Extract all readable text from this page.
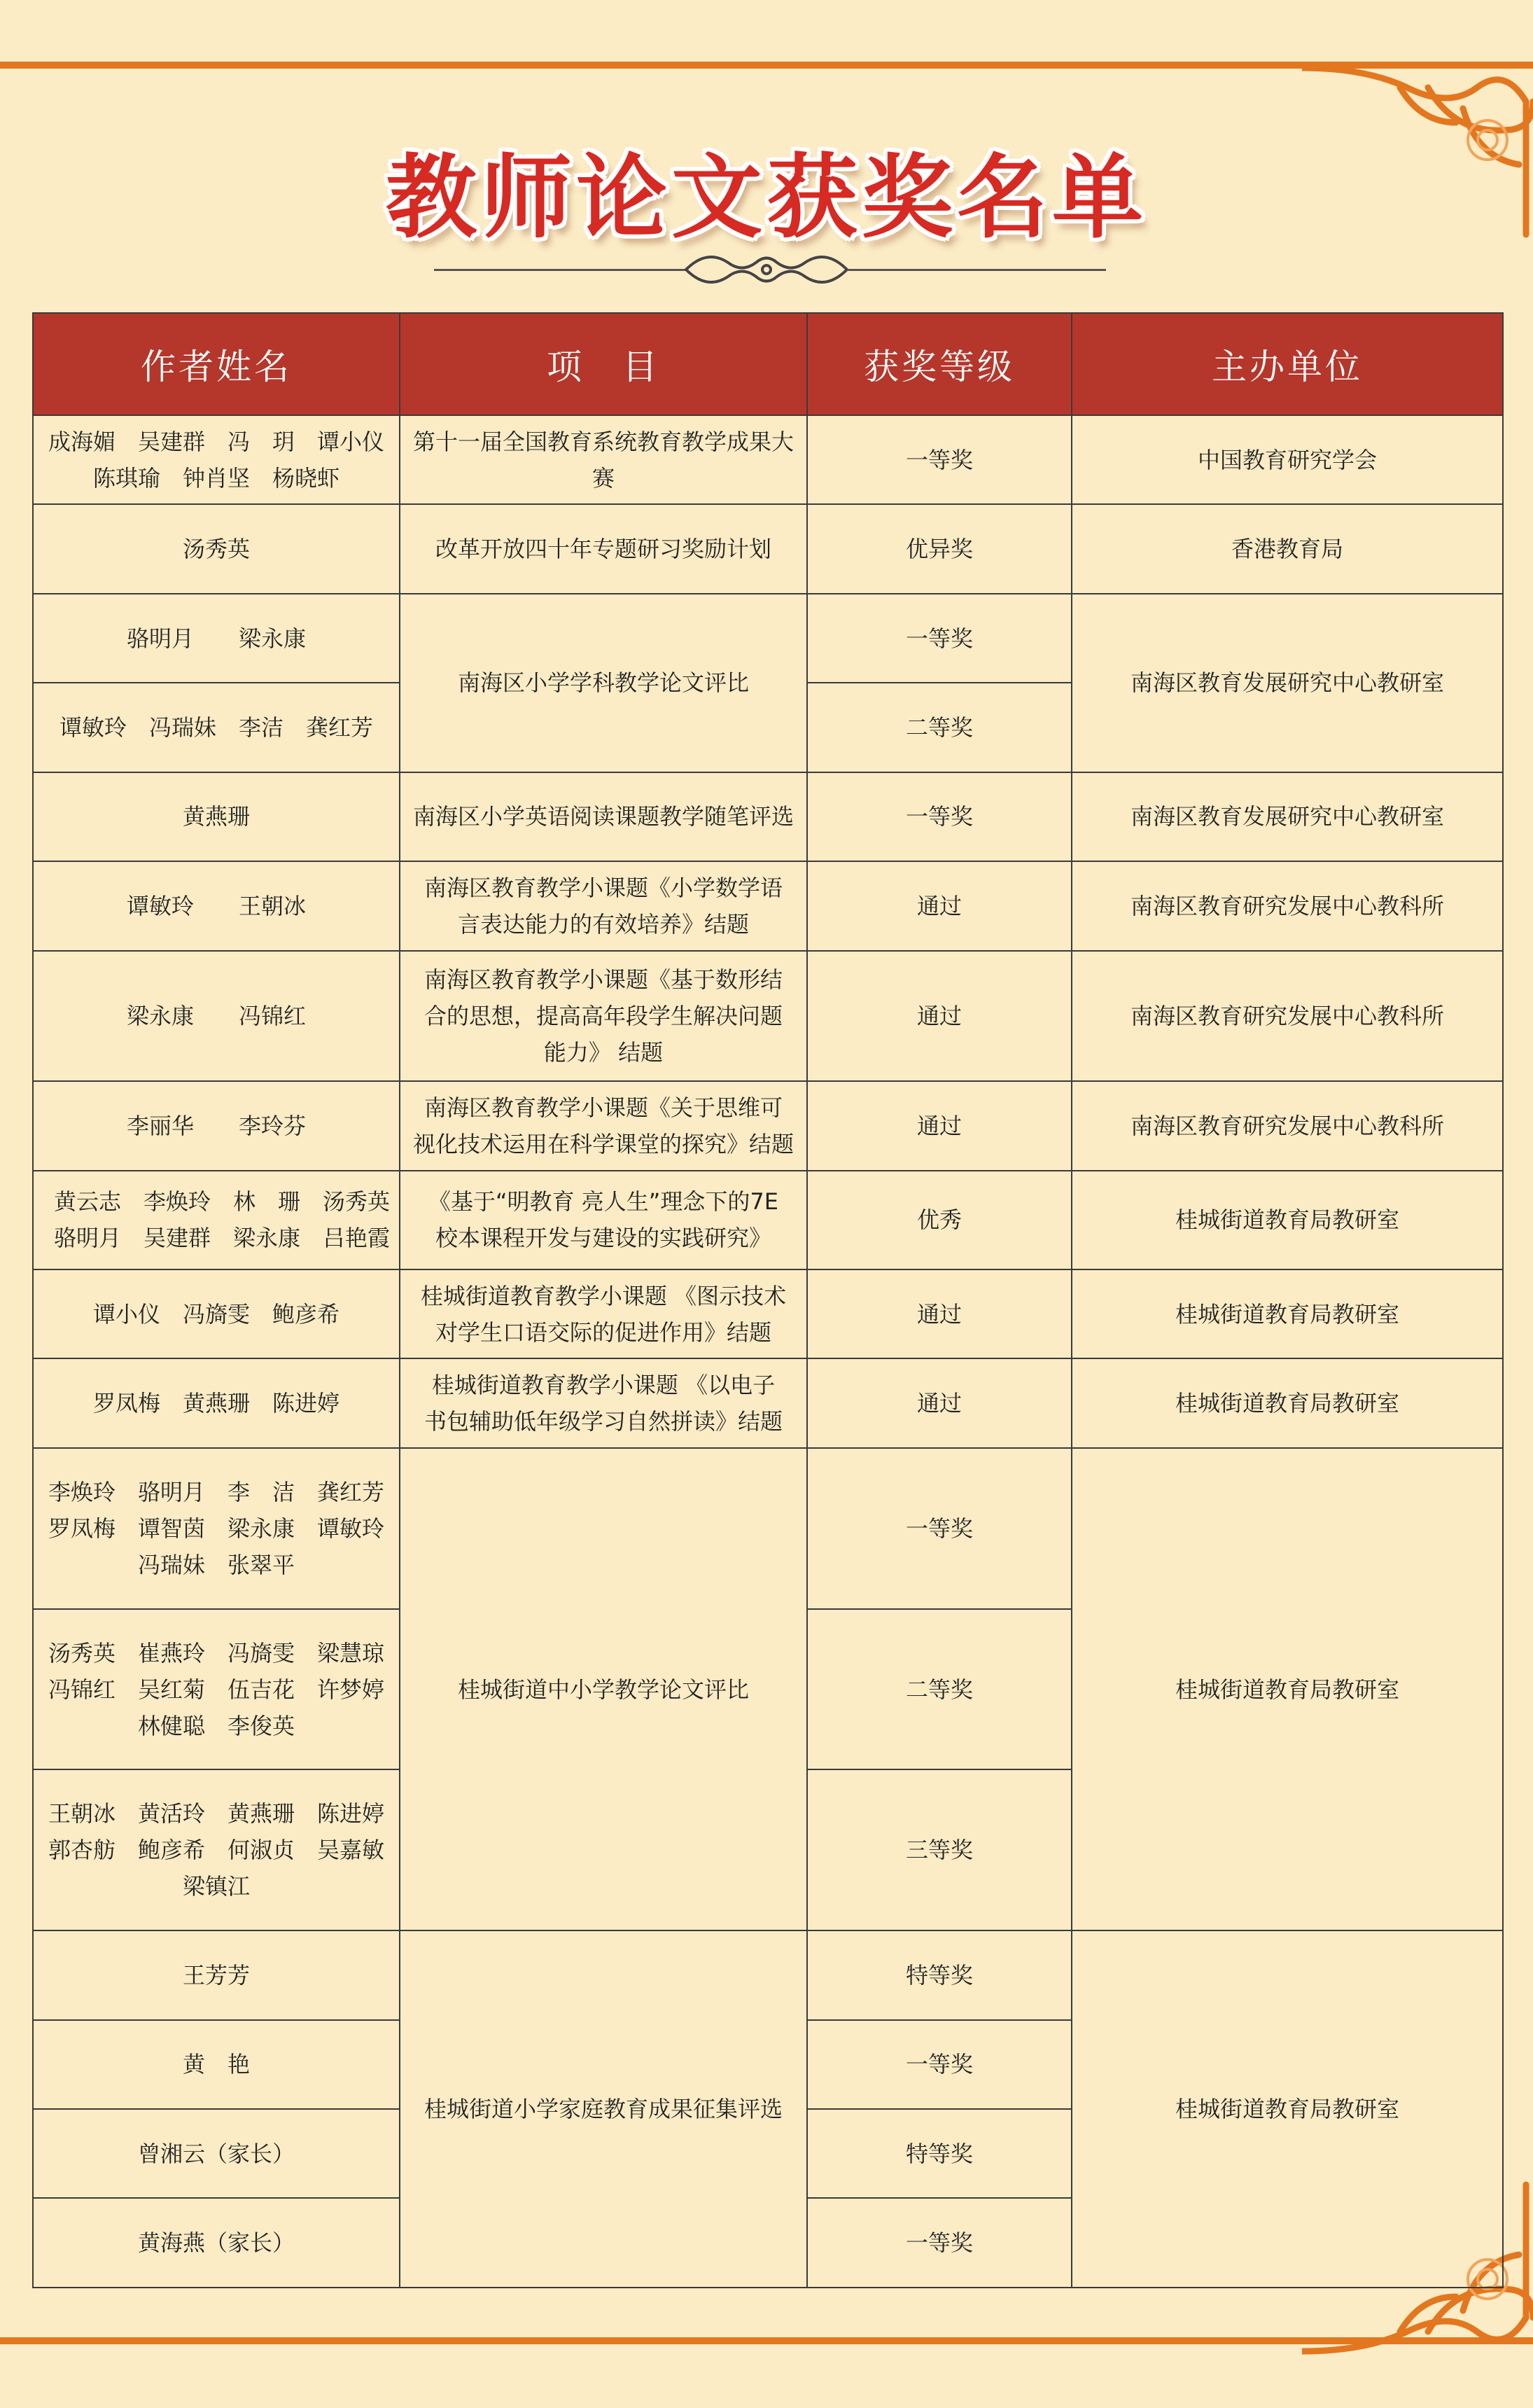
教师论文获奖名单
作者姓名	项　目	获奖等级	主办单位
成海媚　吴建群　冯　玥　谭小仪
陈琪瑜　钟肖坚　杨晓虾	第十一届全国教育系统教育教学成果大赛	一等奖	中国教育研究学会
汤秀英	改革开放四十年专题研习奖励计划	优异奖	香港教育局
骆明月　　梁永康	南海区小学学科教学论文评比	一等奖	南海区教育发展研究中心教研室
谭敏玲　冯瑞妹　李洁　龚红芳		二等奖	
黄燕珊	南海区小学英语阅读课题教学随笔评选	一等奖	南海区教育发展研究中心教研室
谭敏玲　　王朝冰	南海区教育教学小课题《小学数学语
言表达能力的有效培养》结题	通过	南海区教育研究发展中心教科所
梁永康　　冯锦红	南海区教育教学小课题《基于数形结
合的思想，提高高年段学生解决问题
能力》 结题	通过	南海区教育研究发展中心教科所
李丽华　　李玲芬	南海区教育教学小课题《关于思维可
视化技术运用在科学课堂的探究》结题	通过	南海区教育研究发展中心教科所
黄云志　李焕玲　林　珊　汤秀英
骆明月　吴建群　梁永康　吕艳霞	《基于“明教育 亮人生”理念下的7E
校本课程开发与建设的实践研究》	优秀	桂城街道教育局教研室
谭小仪　冯旖雯　鲍彦希	桂城街道教育教学小课题 《图示技术
对学生口语交际的促进作用》结题	通过	桂城街道教育局教研室
罗凤梅　黄燕珊　陈进婷	桂城街道教育教学小课题 《以电子
书包辅助低年级学习自然拼读》结题	通过	桂城街道教育局教研室
李焕玲　骆明月　李　洁　龚红芳
罗凤梅　谭智茵　梁永康　谭敏玲
冯瑞妹　张翠平	桂城街道中小学教学论文评比	一等奖	桂城街道教育局教研室
汤秀英　崔燕玲　冯旖雯　梁慧琼
冯锦红　吴红菊　伍吉花　许梦婷
林健聪　李俊英		二等奖	
王朝冰　黄活玲　黄燕珊　陈进婷
郭杏舫　鲍彦希　何淑贞　吴嘉敏
梁镇江		三等奖	
王芳芳	桂城街道小学家庭教育成果征集评选	特等奖	桂城街道教育局教研室
黄　艳		一等奖	
曾湘云（家长）		特等奖	
黄海燕（家长）		一等奖	
